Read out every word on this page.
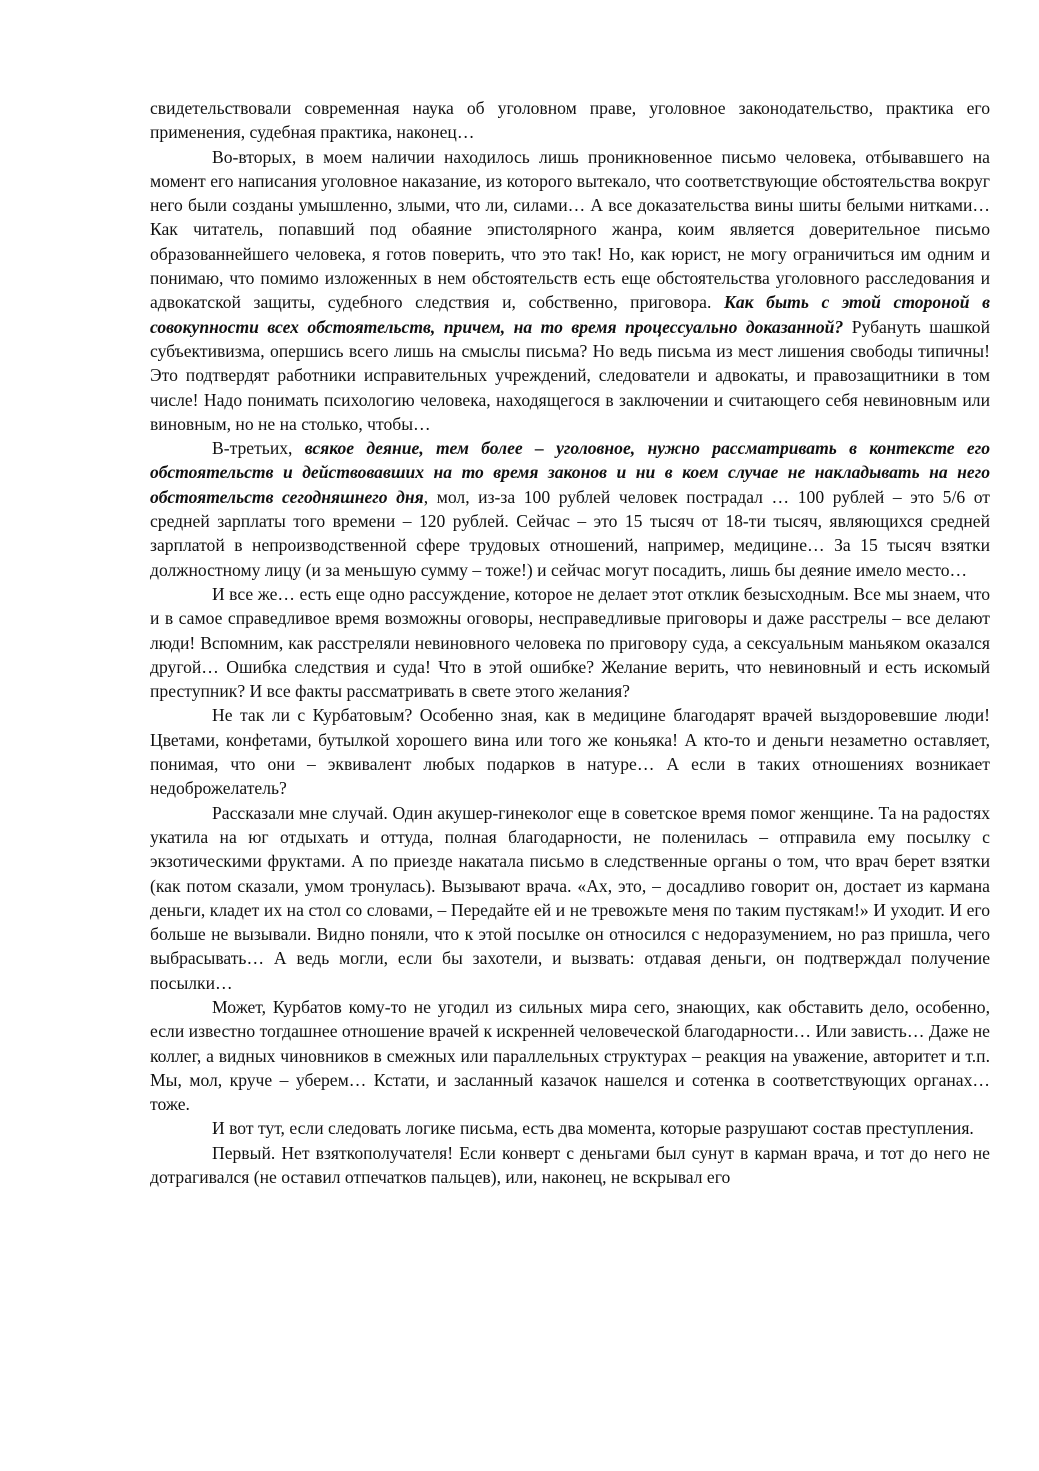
свидетельствовали современная наука об уголовном праве, уголовное законодательство, практика его применения, судебная практика, наконец…

Во-вторых, в моем наличии находилось лишь проникновенное письмо человека, отбывавшего на момент его написания уголовное наказание, из которого вытекало, что соответствующие обстоятельства вокруг него были созданы умышленно, злыми, что ли, силами… А все доказательства вины шиты белыми нитками… Как читатель, попавший под обаяние эпистолярного жанра, коим является доверительное письмо образованнейшего человека, я готов поверить, что это так! Но, как юрист, не могу ограничиться им одним и понимаю, что помимо изложенных в нем обстоятельств есть еще обстоятельства уголовного расследования и адвокатской защиты, судебного следствия и, собственно, приговора. Как быть с этой стороной в совокупности всех обстоятельств, причем, на то время процессуально доказанной? Рубануть шашкой субъективизма, опершись всего лишь на смыслы письма? Но ведь письма из мест лишения свободы типичны! Это подтвердят работники исправительных учреждений, следователи и адвокаты, и правозащитники в том числе! Надо понимать психологию человека, находящегося в заключении и считающего себя невиновным или виновным, но не на столько, чтобы…

В-третьих, всякое деяние, тем более – уголовное, нужно рассматривать в контексте его обстоятельств и действовавших на то время законов и ни в коем случае не накладывать на него обстоятельств сегодняшнего дня, мол, из-за 100 рублей человек пострадал … 100 рублей – это 5/6 от средней зарплаты того времени – 120 рублей. Сейчас – это 15 тысяч от 18-ти тысяч, являющихся средней зарплатой в непроизводственной сфере трудовых отношений, например, медицине… За 15 тысяч взятки должностному лицу (и за меньшую сумму – тоже!) и сейчас могут посадить, лишь бы деяние имело место…

И все же… есть еще одно рассуждение, которое не делает этот отклик безысходным. Все мы знаем, что и в самое справедливое время возможны оговоры, несправедливые приговоры и даже расстрелы – все делают люди! Вспомним, как расстреляли невиновного человека по приговору суда, а сексуальным маньяком оказался другой… Ошибка следствия и суда! Что в этой ошибке? Желание верить, что невиновный и есть искомый преступник? И все факты рассматривать в свете этого желания?

Не так ли с Курбатовым? Особенно зная, как в медицине благодарят врачей выздоровевшие люди! Цветами, конфетами, бутылкой хорошего вина или того же коньяка! А кто-то и деньги незаметно оставляет, понимая, что они – эквивалент любых подарков в натуре… А если в таких отношениях возникает недоброжелатель?

Рассказали мне случай. Один акушер-гинеколог еще в советское время помог женщине. Та на радостях укатила на юг отдыхать и оттуда, полная благодарности, не поленилась – отправила ему посылку с экзотическими фруктами. А по приезде накатала письмо в следственные органы о том, что врач берет взятки (как потом сказали, умом тронулась). Вызывают врача. «Ах, это, – досадливо говорит он, достает из кармана деньги, кладет их на стол со словами, – Передайте ей и не тревожьте меня по таким пустякам!» И уходит. И его больше не вызывали. Видно поняли, что к этой посылке он относился с недоразумением, но раз пришла, чего выбрасывать… А ведь могли, если бы захотели, и вызвать: отдавая деньги, он подтверждал получение посылки…

Может, Курбатов кому-то не угодил из сильных мира сего, знающих, как обставить дело, особенно, если известно тогдашнее отношение врачей к искренней человеческой благодарности… Или зависть… Даже не коллег, а видных чиновников в смежных или параллельных структурах – реакция на уважение, авторитет и т.п. Мы, мол, круче – уберем… Кстати, и засланный казачок нашелся и сотенка в соответствующих органах… тоже.

И вот тут, если следовать логике письма, есть два момента, которые разрушают состав преступления.

Первый. Нет взяткополучателя! Если конверт с деньгами был сунут в карман врача, и тот до него не дотрагивался (не оставил отпечатков пальцев), или, наконец, не вскрывал его
